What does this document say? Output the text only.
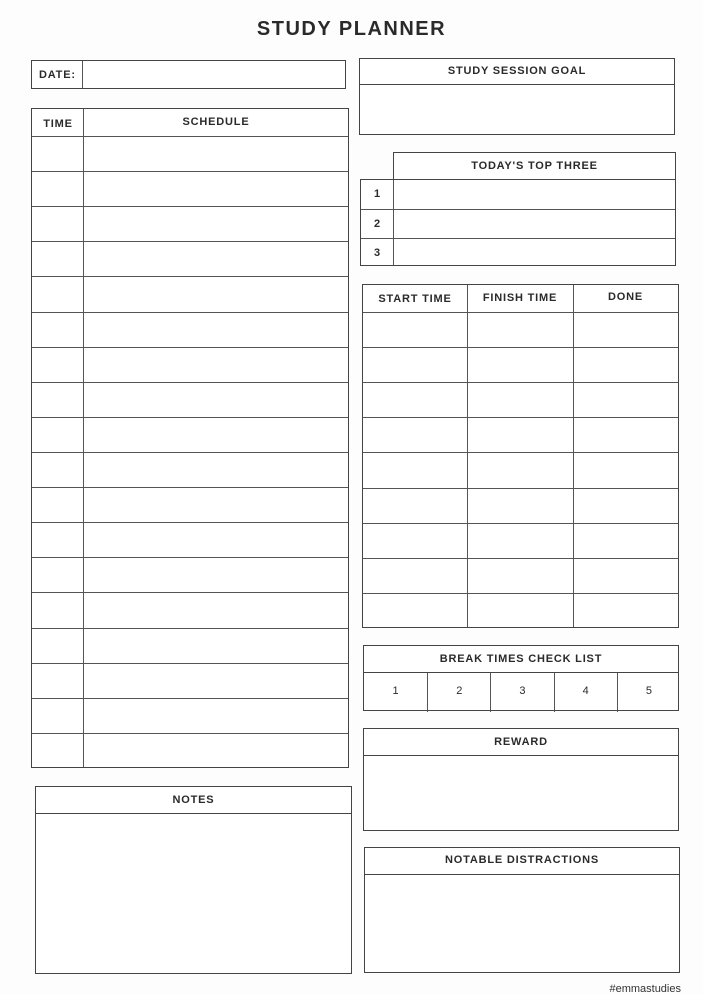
STUDY PLANNER
DATE:
TIME	SCHEDULE
STUDY SESSION GOAL
TODAY'S TOP THREE
1
2
3
START TIME	FINISH TIME	DONE
BREAK TIMES CHECK LIST
1	2	3	4	5
REWARD
NOTES
NOTABLE DISTRACTIONS
#emmastudies
